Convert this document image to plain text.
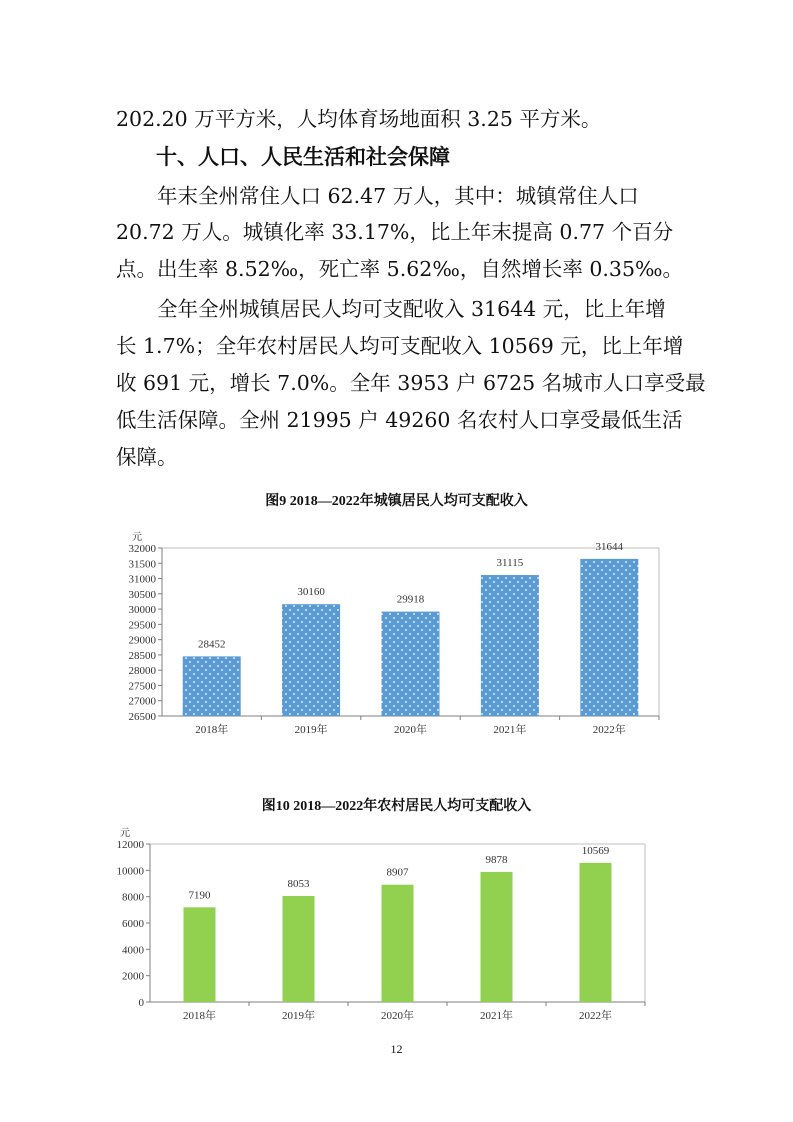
202.20 万平方米，人均体育场地面积 3.25 平方米。

十、人口、人民生活和社会保障

　　年末全州常住人口 62.47 万人，其中：城镇常住人口

20.72 万人。城镇化率 33.17%，比上年末提高 0.77 个百分

点。出生率 8.52‰，死亡率 5.62‰，自然增长率 0.35‰。

　　全年全州城镇居民人均可支配收入 31644 元，比上年增

长 1.7%；全年农村居民人均可支配收入 10569 元，比上年增

收 691 元，增长 7.0%。全年 3953 户 6725 名城市人口享受最

低生活保障。全州 21995 户 49260 名农村人口享受最低生活

保障。

图9 2018—2022年城镇居民人均可支配收入

元
26500
27000
27500
28000
28500
29000
29500
30000
30500
31000
31500
32000
28452
2018年
30160
2019年
29918
2020年
31115
2021年
31644
2022年

图10 2018—2022年农村居民人均可支配收入

元
0
2000
4000
6000
8000
10000
12000
7190
2018年
8053
2019年
8907
2020年
9878
2021年
10569
2022年
12
